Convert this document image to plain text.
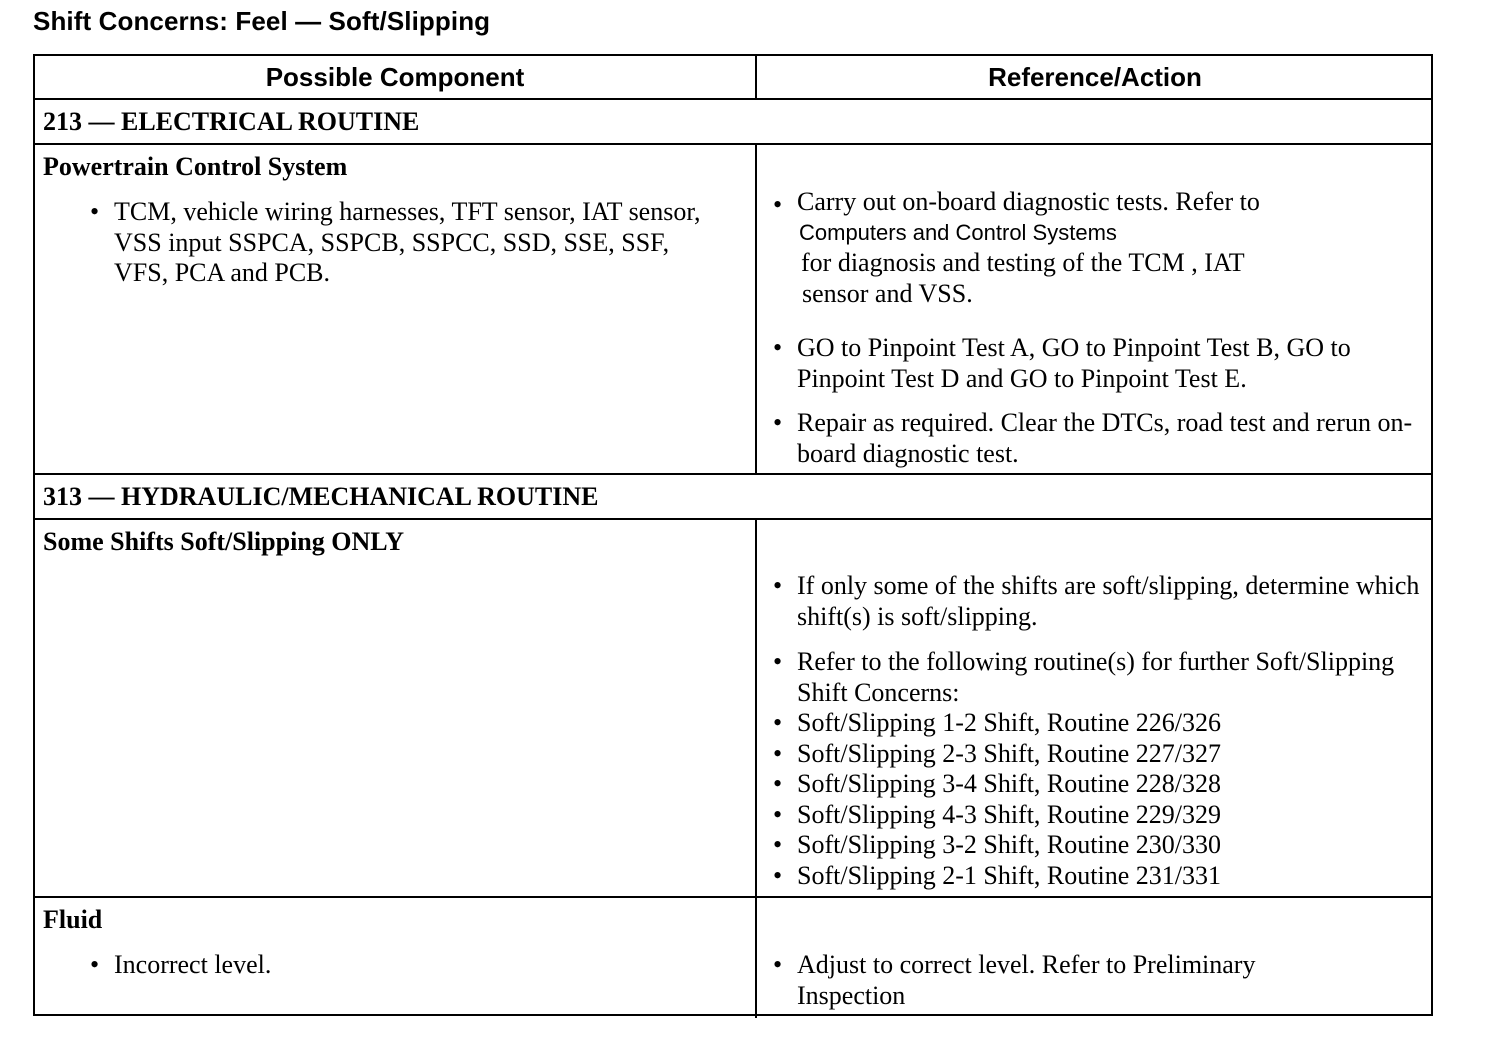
Shift Concerns: Feel — Soft/Slipping
Possible Component	Reference/Action
213 — ELECTRICAL ROUTINE
Powertrain Control System
• TCM, vehicle wiring harnesses, TFT sensor, IAT sensor, VSS input SSPCA, SSPCB, SSPCC, SSD, SSE, SSF, VFS, PCA and PCB.
• Carry out on-board diagnostic tests. Refer to
Computers and Control Systems
for diagnosis and testing of the TCM , IAT
sensor and VSS.
• GO to Pinpoint Test A, GO to Pinpoint Test B, GO to Pinpoint Test D and GO to Pinpoint Test E.
• Repair as required. Clear the DTCs, road test and rerun on-board diagnostic test.
313 — HYDRAULIC/MECHANICAL ROUTINE
Some Shifts Soft/Slipping ONLY
• If only some of the shifts are soft/slipping, determine which shift(s) is soft/slipping.
• Refer to the following routine(s) for further Soft/Slipping Shift Concerns:
• Soft/Slipping 1-2 Shift, Routine 226/326
• Soft/Slipping 2-3 Shift, Routine 227/327
• Soft/Slipping 3-4 Shift, Routine 228/328
• Soft/Slipping 4-3 Shift, Routine 229/329
• Soft/Slipping 3-2 Shift, Routine 230/330
• Soft/Slipping 2-1 Shift, Routine 231/331
Fluid
• Incorrect level.	• Adjust to correct level. Refer to Preliminary Inspection
